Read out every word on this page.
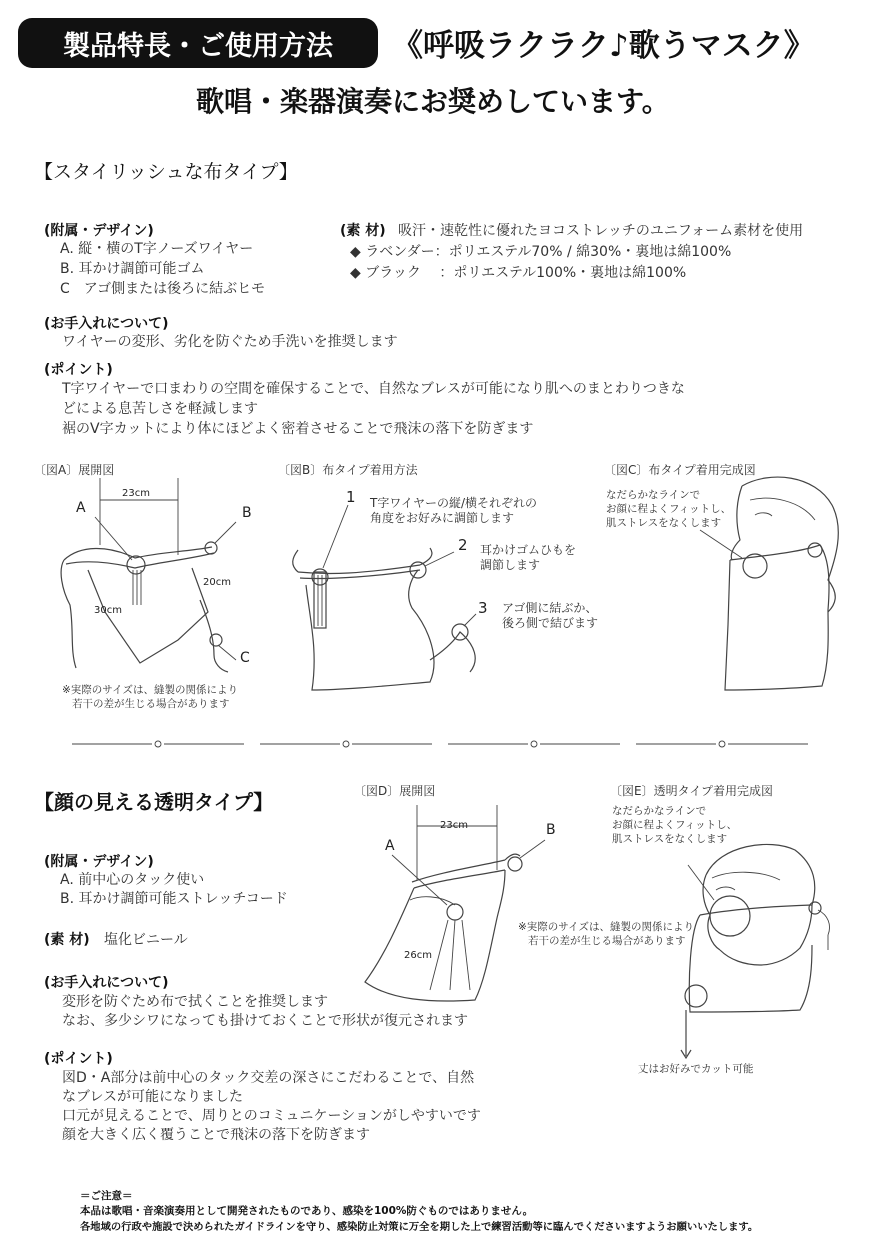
製品特長・ご使用方法	《呼吸ラクラク♪歌うマスク》
歌唱・楽器演奏にお奨めしています。
【スタイリッシュな布タイプ】
(附属・デザイン)
A. 縦・横のT字ノーズワイヤー
B. 耳かけ調節可能ゴム
C　アゴ側または後ろに結ぶヒモ
(素 材) 吸汗・速乾性に優れたヨコストレッチのユニフォーム素材を使用
◆ ラベンダー：ポリエステル70% / 綿30%・裏地は綿100%
◆ ブラック　 ：ポリエステル100%・裏地は綿100%
(お手入れについて)
ワイヤーの変形、劣化を防ぐため手洗いを推奨します
(ポイント)
T字ワイヤーで口まわりの空間を確保することで、自然なブレスが可能になり肌へのまとわりつきな
どによる息苦しさを軽減します
裾のV字カットにより体にほどよく密着させることで飛沫の落下を防ぎます
〔図A〕展開図
23cm
20cm
30cm
A	B
C
※実際のサイズは、縫製の関係により
若干の差が生じる場合があります
〔図B〕布タイプ着用方法
1 T字ワイヤーの縦/横それぞれの
角度をお好みに調節します
2 耳かけゴムひもを
調節します
3 アゴ側に結ぶか、
後ろ側で結びます
〔図C〕布タイプ着用完成図
なだらかなラインで
お顔に程よくフィットし、
肌ストレスをなくします
【顔の見える透明タイプ】
(附属・デザイン)
A. 前中心のタック使い
B. 耳かけ調節可能ストレッチコード
(素 材) 塩化ビニール
(お手入れについて)
変形を防ぐため布で拭くことを推奨します
なお、多少シワになっても掛けておくことで形状が復元されます
(ポイント)
図D・A部分は前中心のタック交差の深さにこだわることで、自然
なブレスが可能になりました
口元が見えることで、周りとのコミュニケーションがしやすいです
顔を大きく広く覆うことで飛沫の落下を防ぎます
〔図D〕展開図
23cm
26cm
A
B
※実際のサイズは、縫製の関係により
若干の差が生じる場合があります
〔図E〕透明タイプ着用完成図
なだらかなラインで
お顔に程よくフィットし、
肌ストレスをなくします
丈はお好みでカット可能
＝ご注意＝
本品は歌唱・音楽演奏用として開発されたものであり、感染を100%防ぐものではありません。
各地域の行政や施設で決められたガイドラインを守り、感染防止対策に万全を期した上で練習活動等に臨んでくださいますようお願いいたします。
